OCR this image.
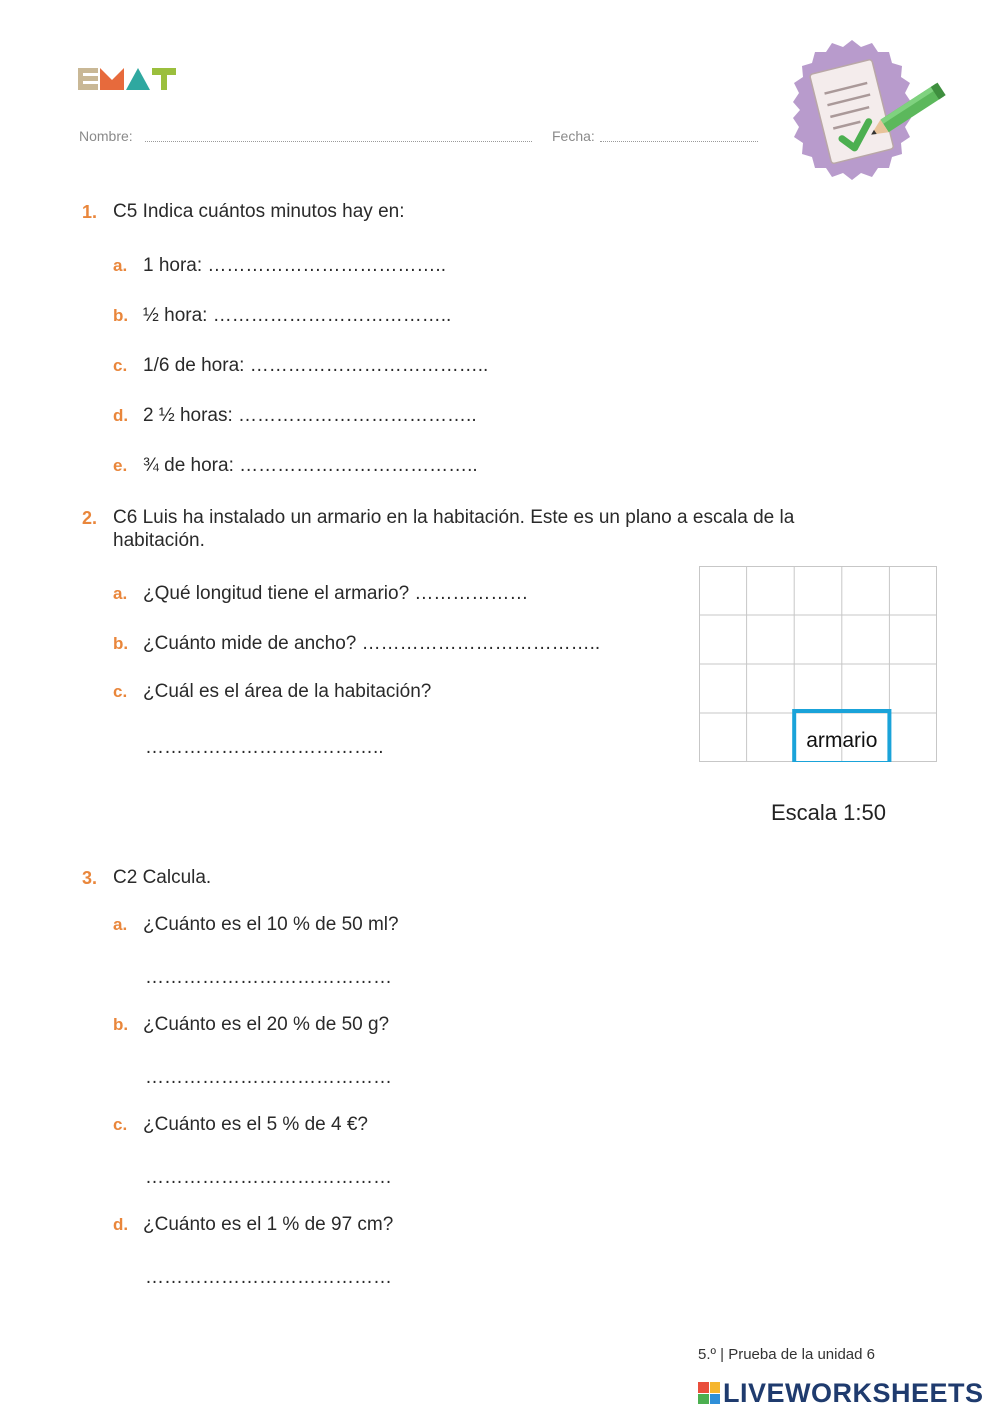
Nombre:	Fecha:
1. C5 Indica cuántos minutos hay en:
a. 1 hora: ………………………………..
b. ½ hora: ………………………………..
c. 1/6 de hora: ………………………………..
d. 2 ½ horas: ………………………………..
e. ¾ de hora: ………………………………..
2. C6 Luis ha instalado un armario en la habitación. Este es un plano a escala de la
habitación.
a. ¿Qué longitud tiene el armario? ………………
b. ¿Cuánto mide de ancho? ………………………………..
c. ¿Cuál es el área de la habitación?
………………………………..	armario
Escala 1:50
3. C2 Calcula.
a. ¿Cuánto es el 10 % de 50 ml?
…………………………………
b. ¿Cuánto es el 20 % de 50 g?
…………………………………
c. ¿Cuánto es el 5 % de 4 €?
…………………………………
d. ¿Cuánto es el 1 % de 97 cm?
…………………………………
5.º | Prueba de la unidad 6
LIVEWORKSHEETS
